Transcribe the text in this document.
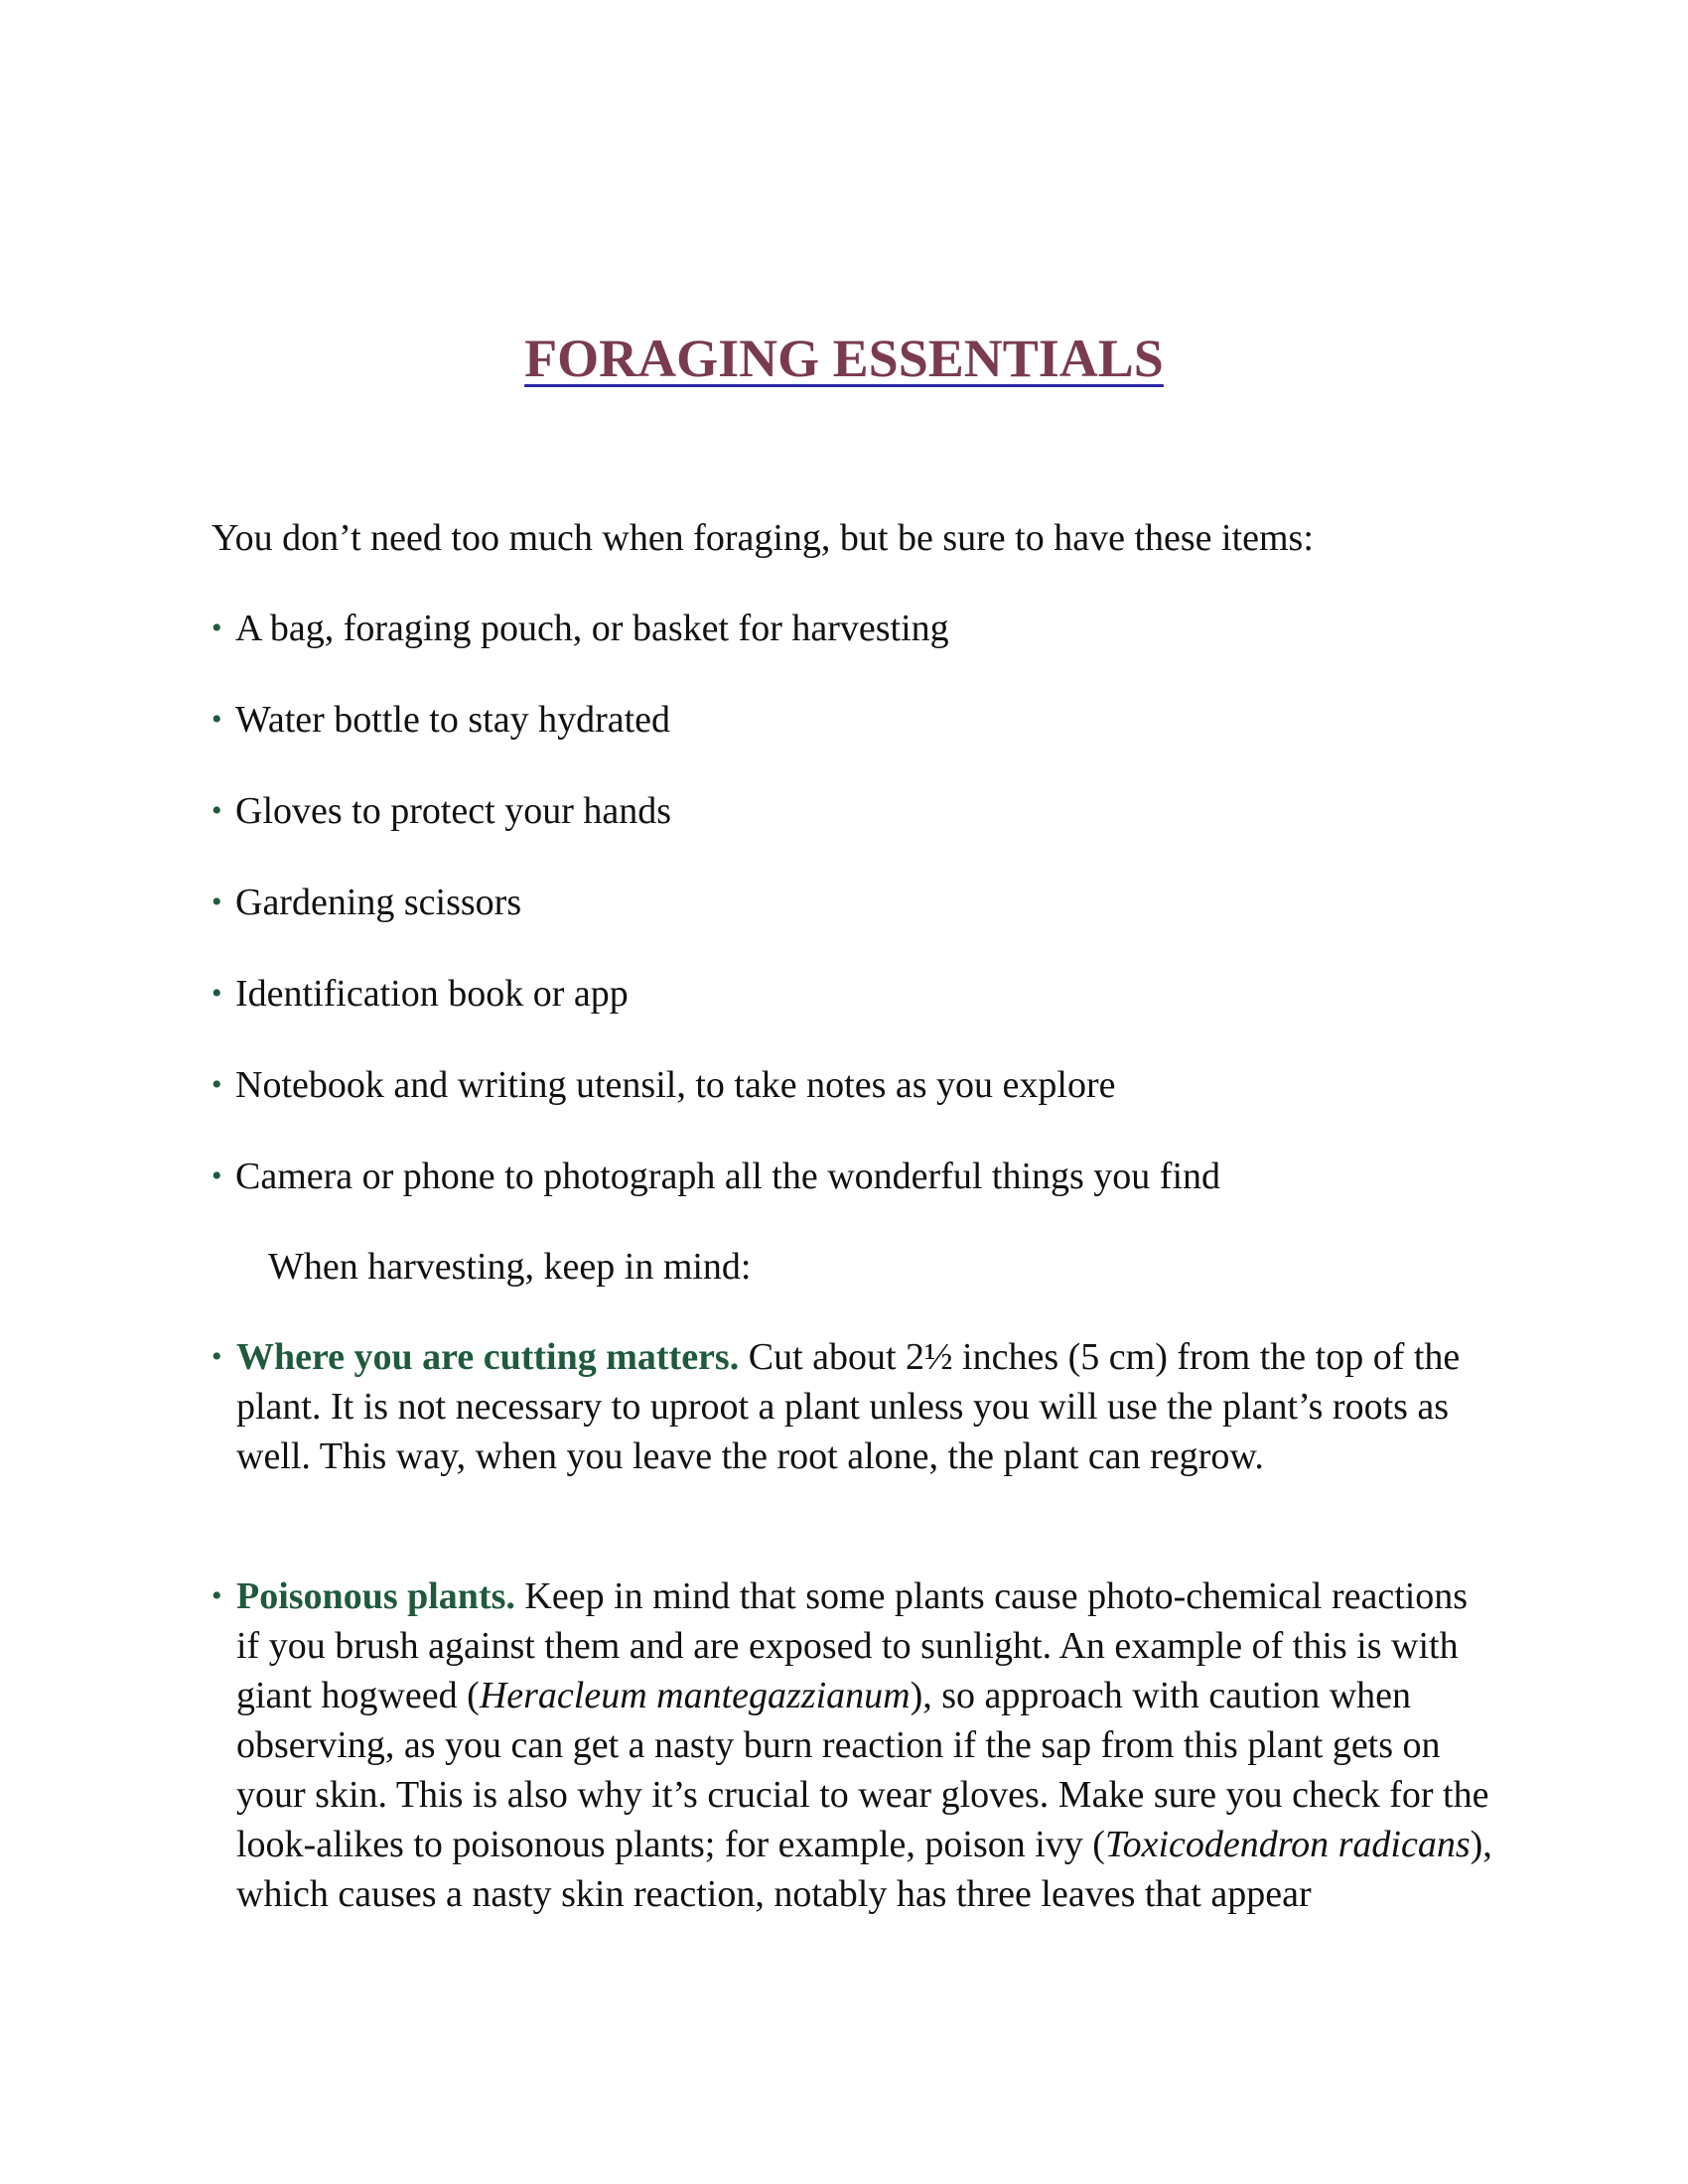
FORAGING ESSENTIALS

You don’t need too much when foraging, but be sure to have these items:

• A bag, foraging pouch, or basket for harvesting
• Water bottle to stay hydrated
• Gloves to protect your hands
• Gardening scissors
• Identification book or app
• Notebook and writing utensil, to take notes as you explore
• Camera or phone to photograph all the wonderful things you find

When harvesting, keep in mind:

• Where you are cutting matters. Cut about 2½ inches (5 cm) from the top of the plant. It is not necessary to uproot a plant unless you will use the plant’s roots as well. This way, when you leave the root alone, the plant can regrow.

• Poisonous plants. Keep in mind that some plants cause photo-chemical reactions if you brush against them and are exposed to sunlight. An example of this is with giant hogweed (Heracleum mantegazzianum), so approach with caution when observing, as you can get a nasty burn reaction if the sap from this plant gets on your skin. This is also why it’s crucial to wear gloves. Make sure you check for the look-alikes to poisonous plants; for example, poison ivy (Toxicodendron radicans), which causes a nasty skin reaction, notably has three leaves that appear
